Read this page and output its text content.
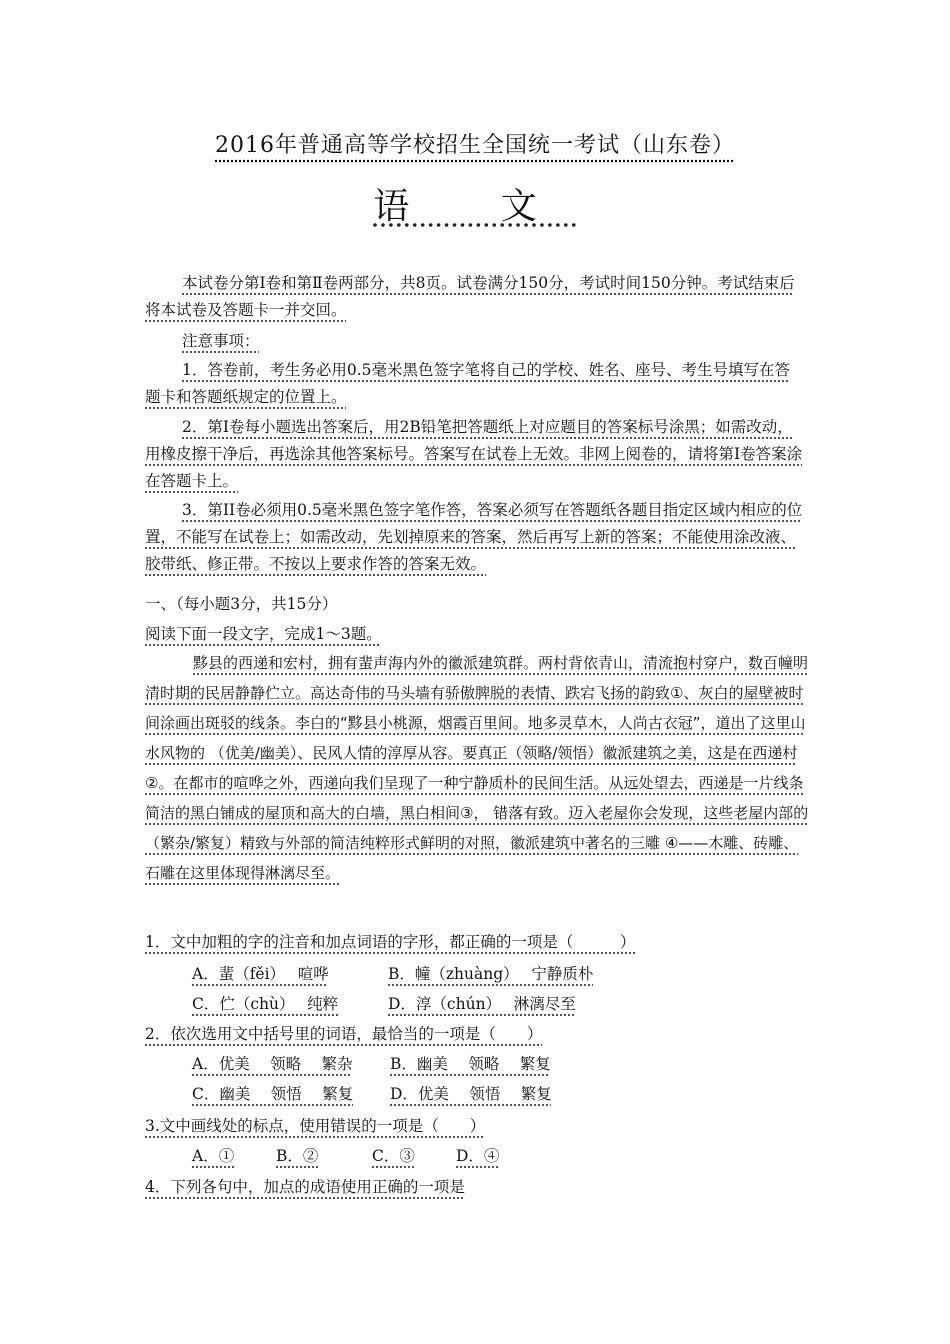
2016年普通高等学校招生全国统一考试（山东卷）
语 文
本试卷分第Ⅰ卷和第Ⅱ卷两部分，共8页。试卷满分150分，考试时间150分钟。考试结束后将本试卷及答题卡一并交回。
注意事项：
1．答卷前，考生务必用0.5毫米黑色签字笔将自己的学校、姓名、座号、考生号填写在答题卡和答题纸规定的位置上。
2．第Ⅰ卷每小题选出答案后，用2B铅笔把答题纸上对应题目的答案标号涂黑；如需改动，用橡皮擦干净后，再选涂其他答案标号。答案写在试卷上无效。非网上阅卷的，请将第Ⅰ卷答案涂在答题卡上。
3．第II卷必须用0.5毫米黑色签字笔作答，答案必须写在答题纸各题目指定区域内相应的位置，不能写在试卷上；如需改动，先划掉原来的答案，然后再写上新的答案；不能使用涂改液、胶带纸、修正带。不按以上要求作答的答案无效。
一、（每小题3分，共15分）
阅读下面一段文字，完成1～3题。
黟县的西递和宏村，拥有蜚声海内外的徽派建筑群。两村背依青山，清流抱村穿户，数百幢明清时期的民居静静伫立。高达奇伟的马头墙有骄傲脾脱的表情、跌宕飞扬的韵致①、灰白的屋壁被时间涂画出斑驳的线条。李白的“黟县小桃源，烟霞百里间。地多灵草木，人尚古衣冠”，道出了这里山水风物的 （优美/幽美）、民风人情的淳厚从容。要真正（领略/领悟）徽派建筑之美，这是在西递村②。在都市的喧哗之外，西递向我们呈现了一种宁静质朴的民间生活。从远处望去，西递是一片线条简洁的黑白铺成的屋顶和高大的白墙，黑白相间③， 错落有致。迈入老屋你会发现，这些老屋内部的（繁杂/繁复）精致与外部的简洁纯粹形式鲜明的对照，徽派建筑中著名的三雕 ④——木雕、砖雕、石雕在这里体现得淋漓尽至。
1．文中加粗的字的注音和加点词语的字形，都正确的一项是（　　　）
A．蜚（fěi）　 喧哗	B．幢（zhuàng）　 宁静质朴
C．伫（chù）　 纯粹	D．淳（chún）　 淋漓尽至
2．依次选用文中括号里的词语，最恰当的一项是（　　）
A．优美　 领略　 繁杂 B．幽美　 领略　 繁复
C．幽美　 领悟　 繁复 D．优美　 领悟　 繁复
3.文中画线处的标点，使用错误的一项是（　　）
A．①	B．②	C．③	D．④
4．下列各句中，加点的成语使用正确的一项是
